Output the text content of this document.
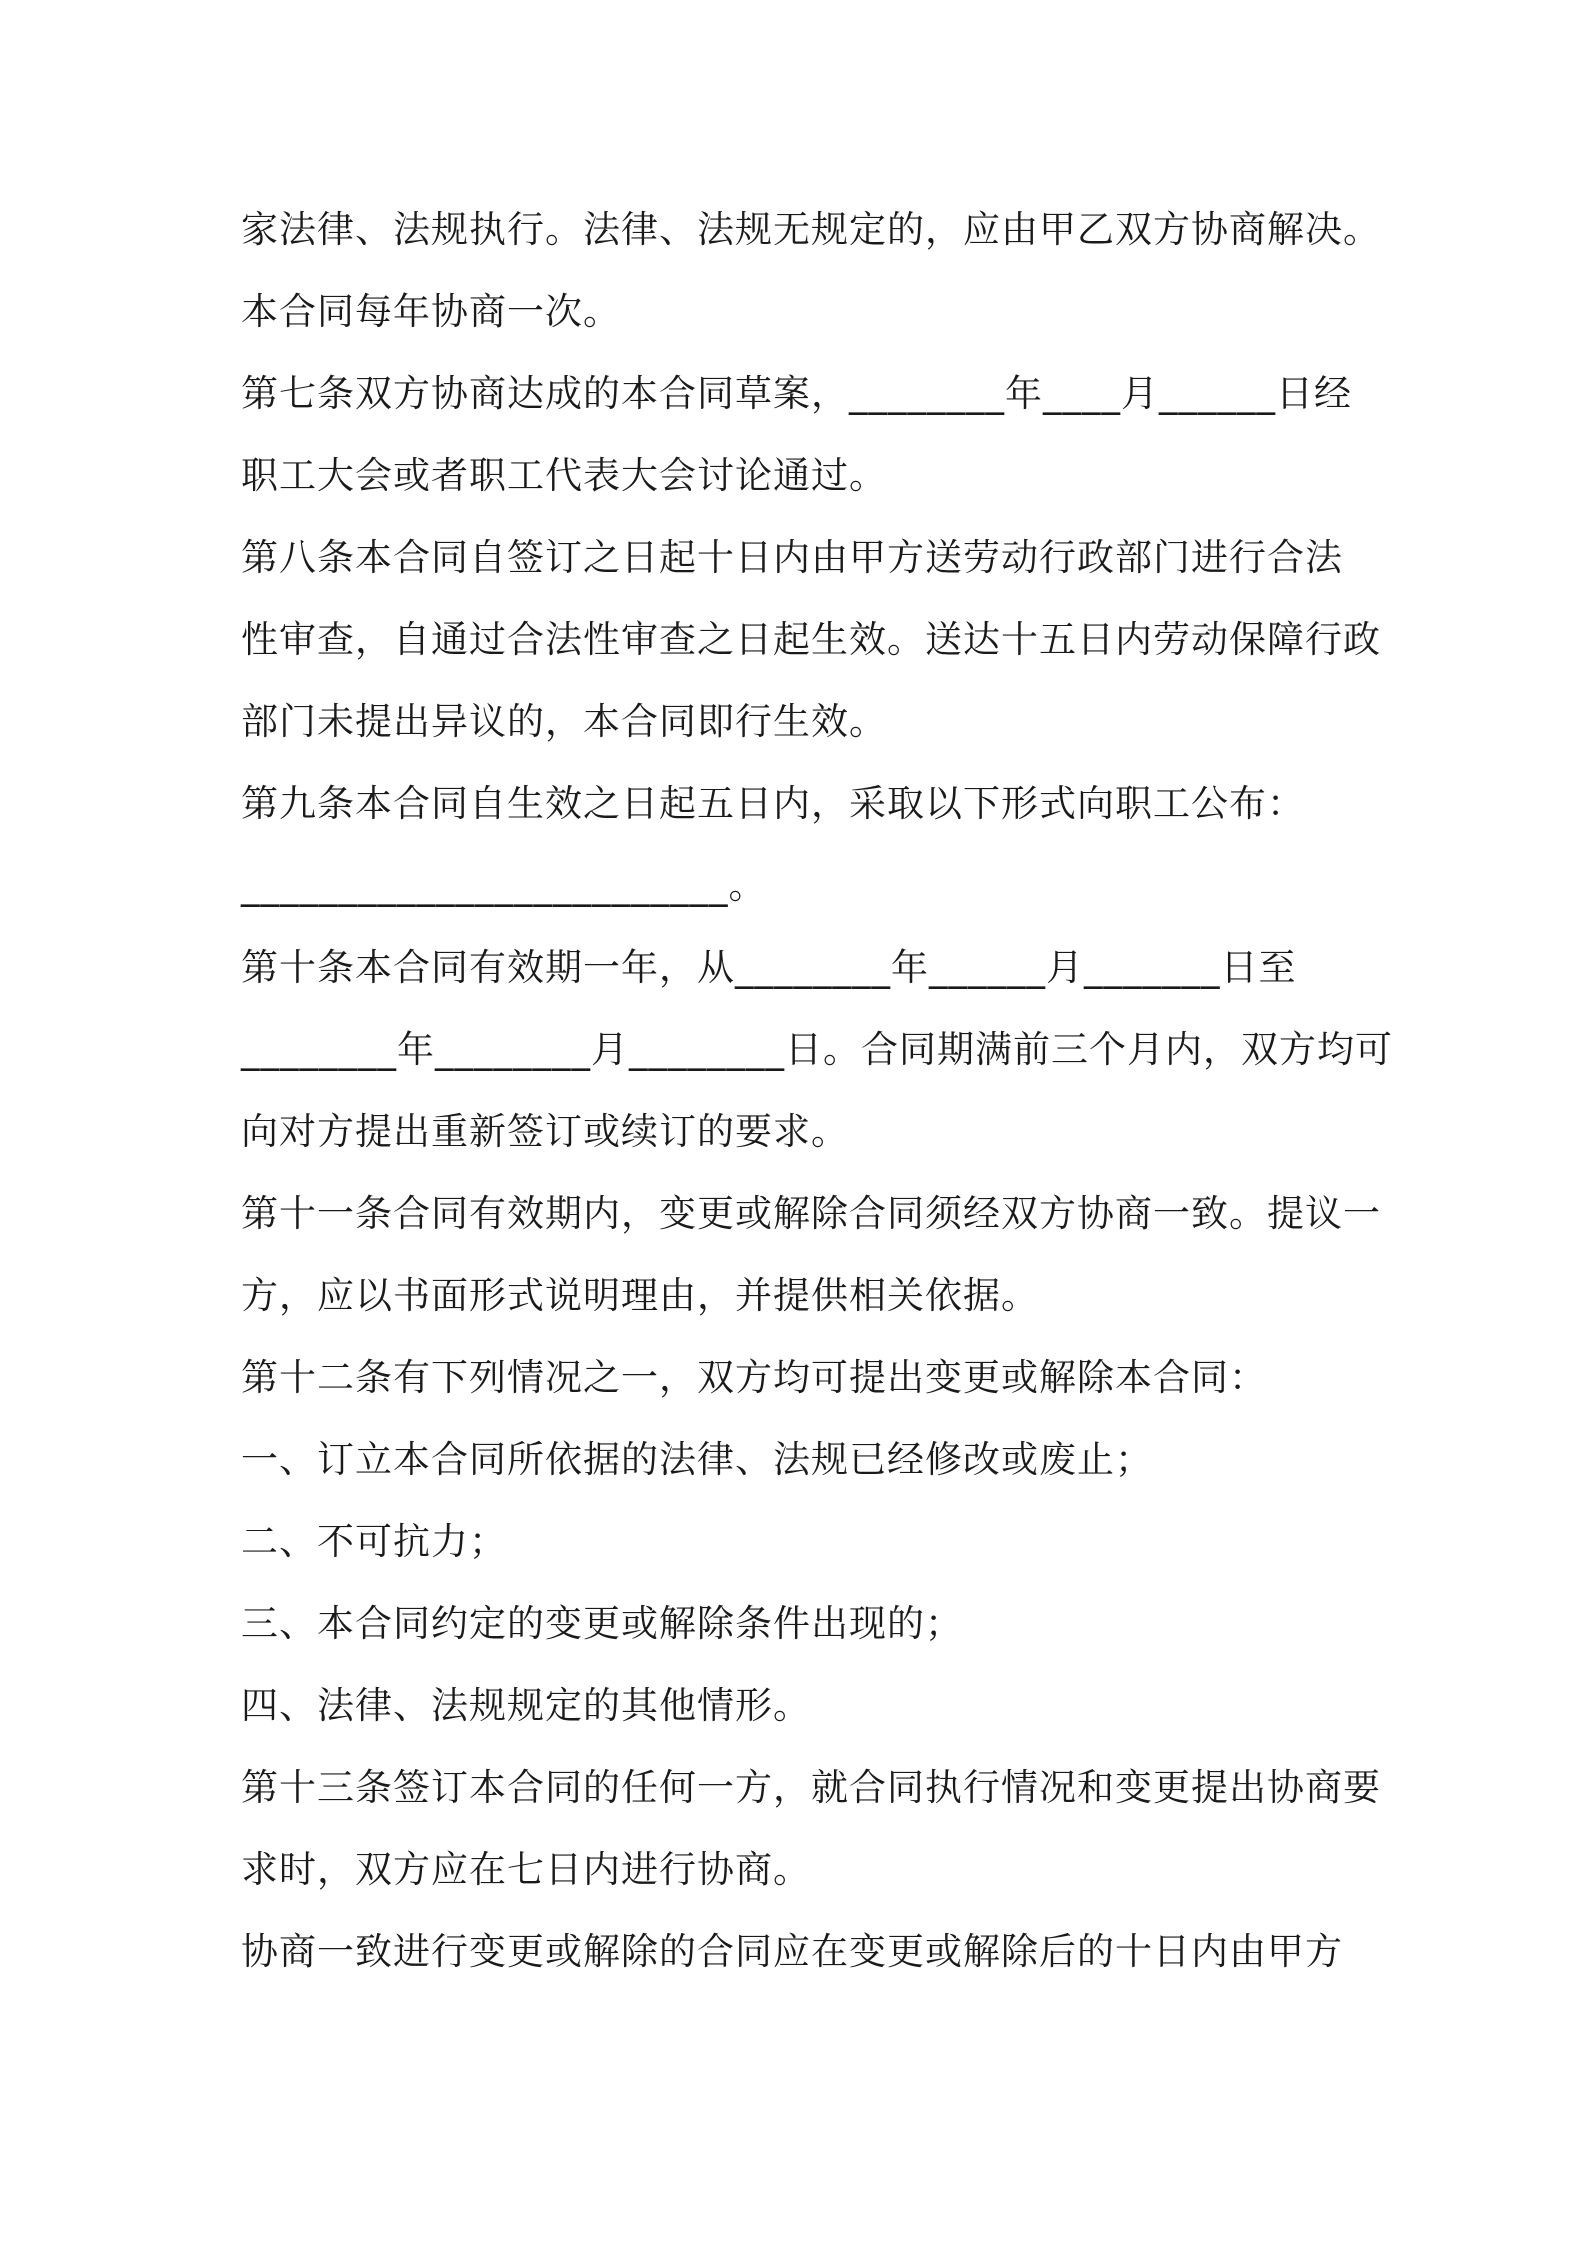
家法律、法规执行。法律、法规无规定的，应由甲乙双方协商解决。
本合同每年协商一次。
第七条双方协商达成的本合同草案，________年____月______日经
职工大会或者职工代表大会讨论通过。
第八条本合同自签订之日起十日内由甲方送劳动行政部门进行合法
性审查，自通过合法性审查之日起生效。送达十五日内劳动保障行政
部门未提出异议的，本合同即行生效。
第九条本合同自生效之日起五日内，采取以下形式向职工公布：
_________________________。
第十条本合同有效期一年，从________年______月_______日至
________年________月________日。合同期满前三个月内，双方均可
向对方提出重新签订或续订的要求。
第十一条合同有效期内，变更或解除合同须经双方协商一致。提议一
方，应以书面形式说明理由，并提供相关依据。
第十二条有下列情况之一，双方均可提出变更或解除本合同：
一、订立本合同所依据的法律、法规已经修改或废止；
二、不可抗力；
三、本合同约定的变更或解除条件出现的；
四、法律、法规规定的其他情形。
第十三条签订本合同的任何一方，就合同执行情况和变更提出协商要
求时，双方应在七日内进行协商。
协商一致进行变更或解除的合同应在变更或解除后的十日内由甲方
